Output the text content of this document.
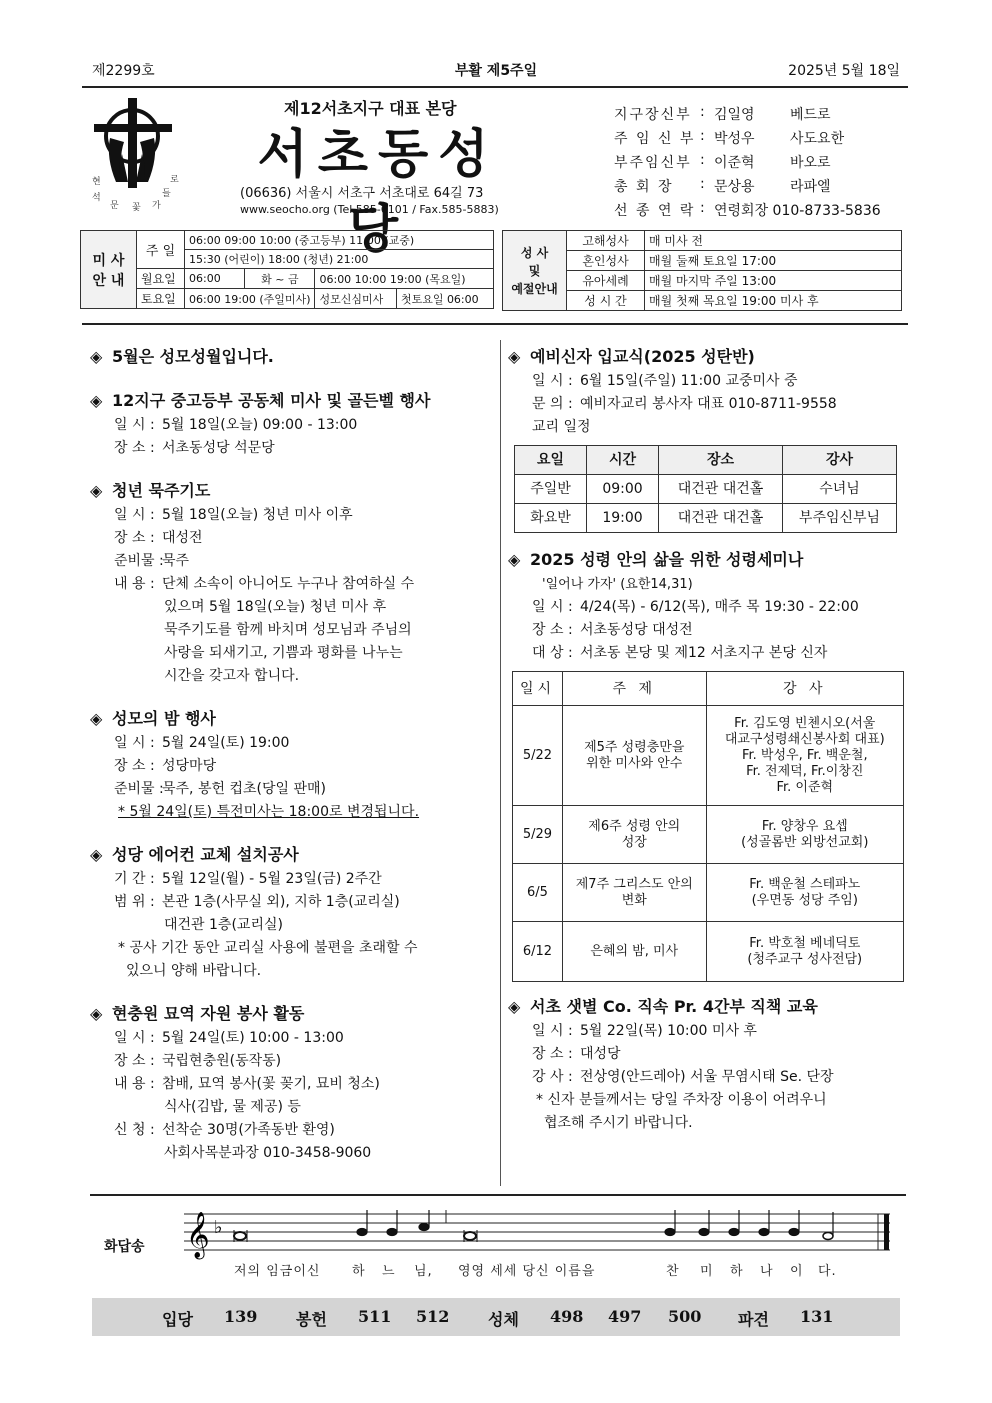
제2299호	부활 제5주일	2025년 5월 18일
현	로
석
문	가
들
꽃
제12서초지구 대표 본당
서초동성당
(06636) 서울시 서초구 서초대로 64길 73
www.seocho.org (Tel.585-6101 / Fax.585-5883)
지구장신부 : 김일영	베드로
주 임 신 부 : 박성우	사도요한
부주임신부 : 이준혁	바오로
총 회 장	: 문상용	라파엘
선 종 연 락 : 연령회장 010-8733-5836
미 사
안 내	주 일	06:00 09:00 10:00 (중고등부) 11:00 (교중)			
		15:30 (어린이) 18:00 (청년) 21:00			
	월요일	06:00	화 ~ 금	06:00 10:00 19:00 (목요일)	
	토요일	06:00 19:00 (주일미사)		성모신심미사	첫토요일 06:00
성 사
및
예절안내	고해성사	매 미사 전
	혼인성사	매월 둘째 토요일 17:00
	유아세례	매월 마지막 주일 13:00
	성 시 간	매월 첫째 목요일 19:00 미사 후
◈ 5월은 성모성월입니다.
◈ 12지구 중고등부 공동체 미사 및 골든벨 행사
일 시 : 5월 18일(오늘) 09:00 - 13:00
장 소 : 서초동성당 석문당
◈ 청년 묵주기도
일 시 : 5월 18일(오늘) 청년 미사 이후
장 소 : 대성전
준비물 :묵주
내 용 : 단체 소속이 아니어도 누구나 참여하실 수
있으며 5월 18일(오늘) 청년 미사 후
묵주기도를 함께 바치며 성모님과 주님의
사랑을 되새기고, 기쁨과 평화를 나누는
시간을 갖고자 합니다.
◈ 성모의 밤 행사
일 시 : 5월 24일(토) 19:00
장 소 : 성당마당
준비물 :묵주, 봉헌 컵초(당일 판매)
* 5월 24일(토) 특전미사는 18:00로 변경됩니다.
◈ 성당 에어컨 교체 설치공사
기 간 : 5월 12일(월) - 5월 23일(금) 2주간
범 위 : 본관 1층(사무실 외), 지하 1층(교리실)
대건관 1층(교리실)
* 공사 기간 동안 교리실 사용에 불편을 초래할 수
있으니 양해 바랍니다.
◈ 현충원 묘역 자원 봉사 활동
일 시 : 5월 24일(토) 10:00 - 13:00
장 소 : 국립현충원(동작동)
내 용 : 참배, 묘역 봉사(꽃 꽂기, 묘비 청소)
식사(김밥, 물 제공) 등
신 청 : 선착순 30명(가족동반 환영)
사회사목분과장 010-3458-9060
◈ 예비신자 입교식(2025 성탄반)
일 시 : 6월 15일(주일) 11:00 교중미사 중
문 의 : 예비자교리 봉사자 대표 010-8711-9558
교리 일정
요일	시간	장소	강사
주일반	09:00	대건관 대건홀	수녀님
화요반	19:00	대건관 대건홀	부주임신부님
◈ 2025 성령 안의 삶을 위한 성령세미나
'일어나 가자' (요한14,31)
일 시 : 4/24(목) - 6/12(목), 매주 목 19:30 - 22:00
장 소 : 서초동성당 대성전
대 상 : 서초동 본당 및 제12 서초지구 본당 신자
일시	주 제	강 사
5/22	제5주 성령충만을
위한 미사와 안수	Fr. 김도영 빈첸시오(서울
대교구성령쇄신봉사회 대표)
Fr. 박성우, Fr. 백운철,
Fr. 전제덕, Fr.이창진
Fr. 이준혁
5/29	제6주 성령 안의
성장	Fr. 양창우 요셉
(성골롬반 외방선교회)
6/5	제7주 그리스도 안의
변화	Fr. 백운철 스테파노
(우면동 성당 주임)
6/12	은혜의 밤, 미사	Fr. 박호철 베네딕토
(청주교구 성사전담)
◈ 서초 샛별 Co. 직속 Pr. 4간부 직책 교육
일 시 : 5월 22일(목) 10:00 미사 후
장 소 : 대성당
강 사 : 전상영(안드레아) 서울 무염시태 Se. 단장
* 신자 분들께서는 당일 주차장 이용이 어려우니
협조해 주시기 바랍니다.
화답송 𝄞 ♭
저의 임금이신 하 느 님, 영영 세세 당신 이름을	찬 미 하 나 이 다.
입당 139 봉헌 511 512 성체 498 497 500 파견 131
